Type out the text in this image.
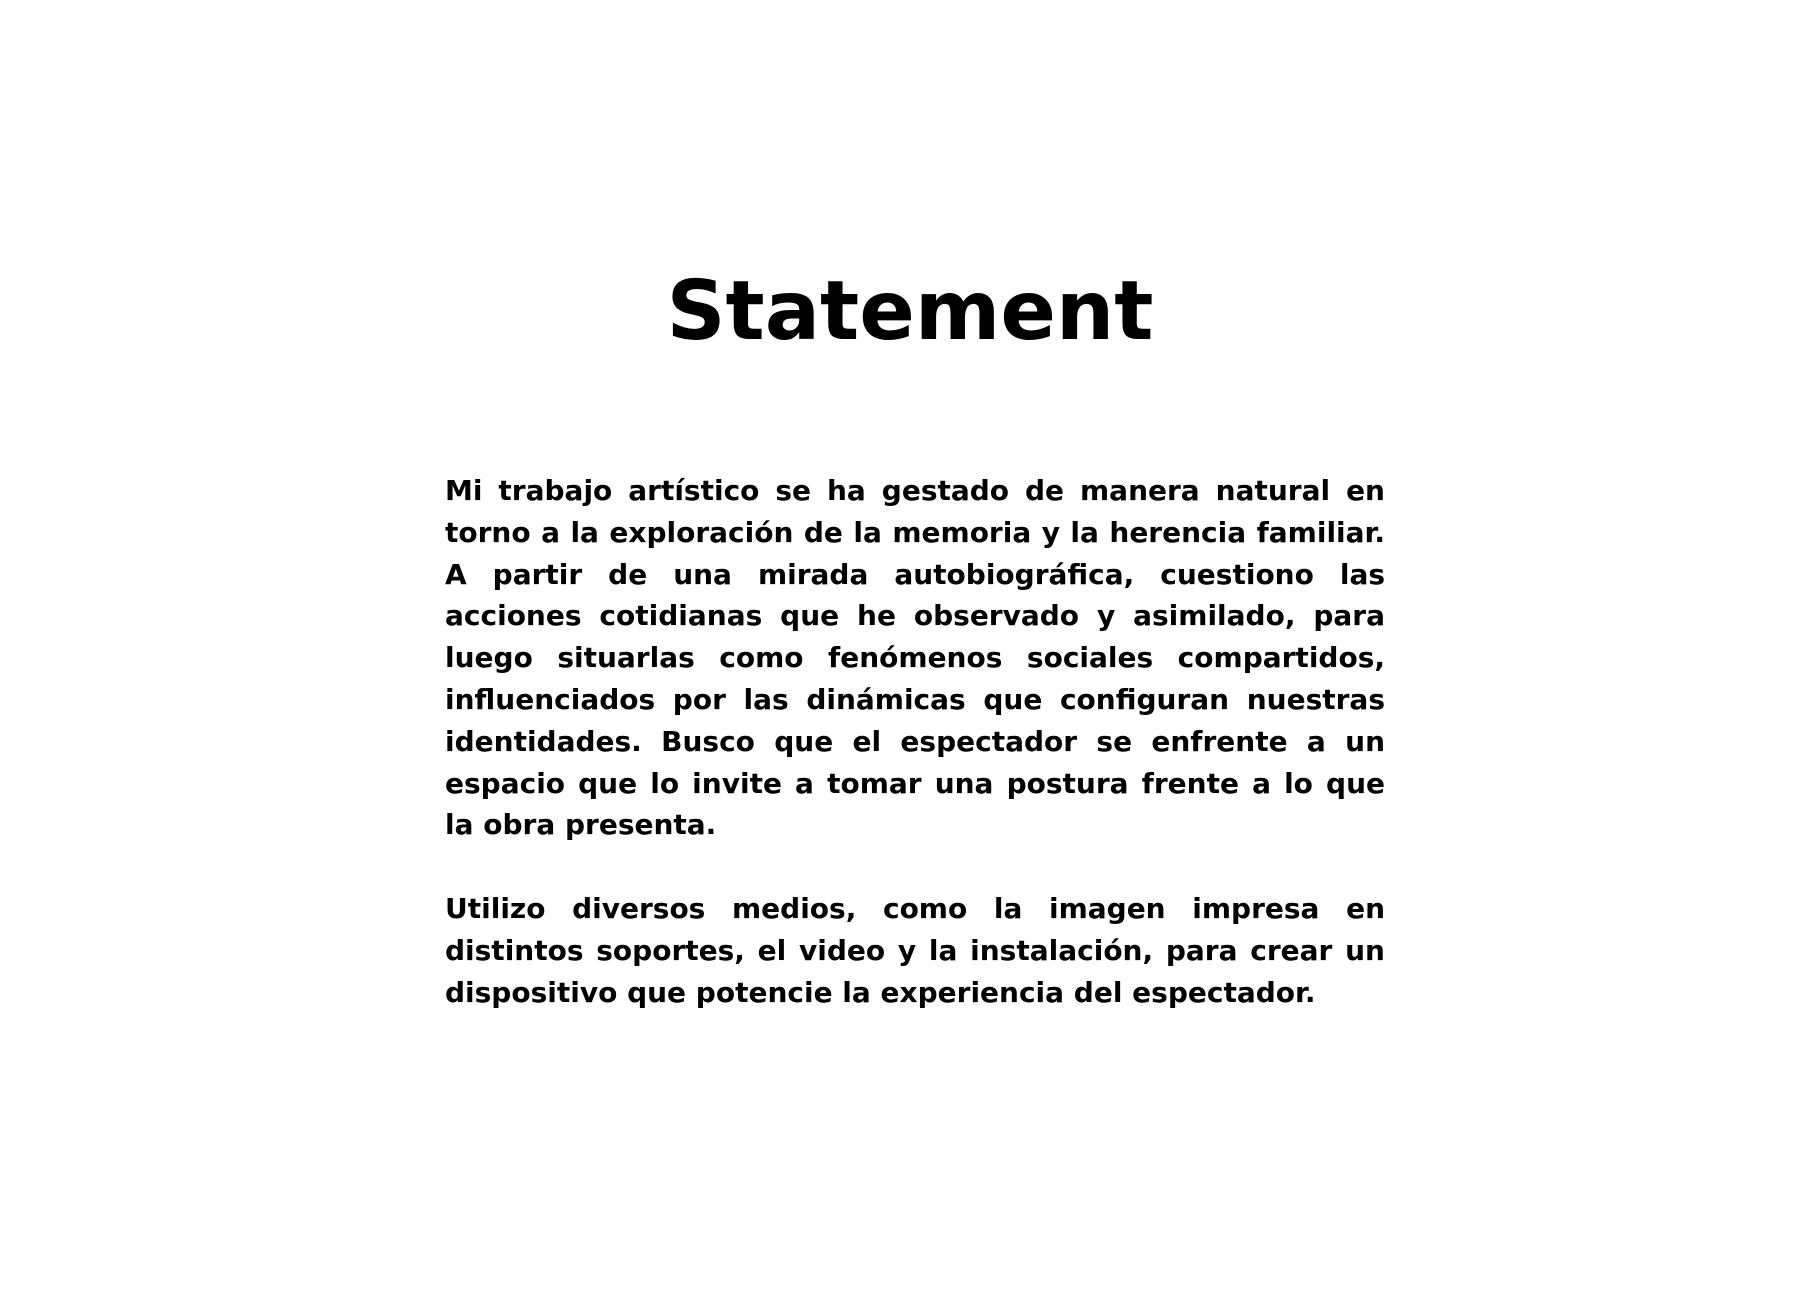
Statement

Mi trabajo artístico se ha gestado de manera natural en torno a la exploración de la memoria y la herencia familiar. A partir de una mirada autobiográfica, cuestiono las acciones cotidianas que he observado y asimilado, para luego situarlas como fenómenos sociales compartidos, influenciados por las dinámicas que configuran nuestras identidades. Busco que el espectador se enfrente a un espacio que lo invite a tomar una postura frente a lo que la obra presenta.

Utilizo diversos medios, como la imagen impresa en distintos soportes, el video y la instalación, para crear un dispositivo que potencie la experiencia del espectador.
